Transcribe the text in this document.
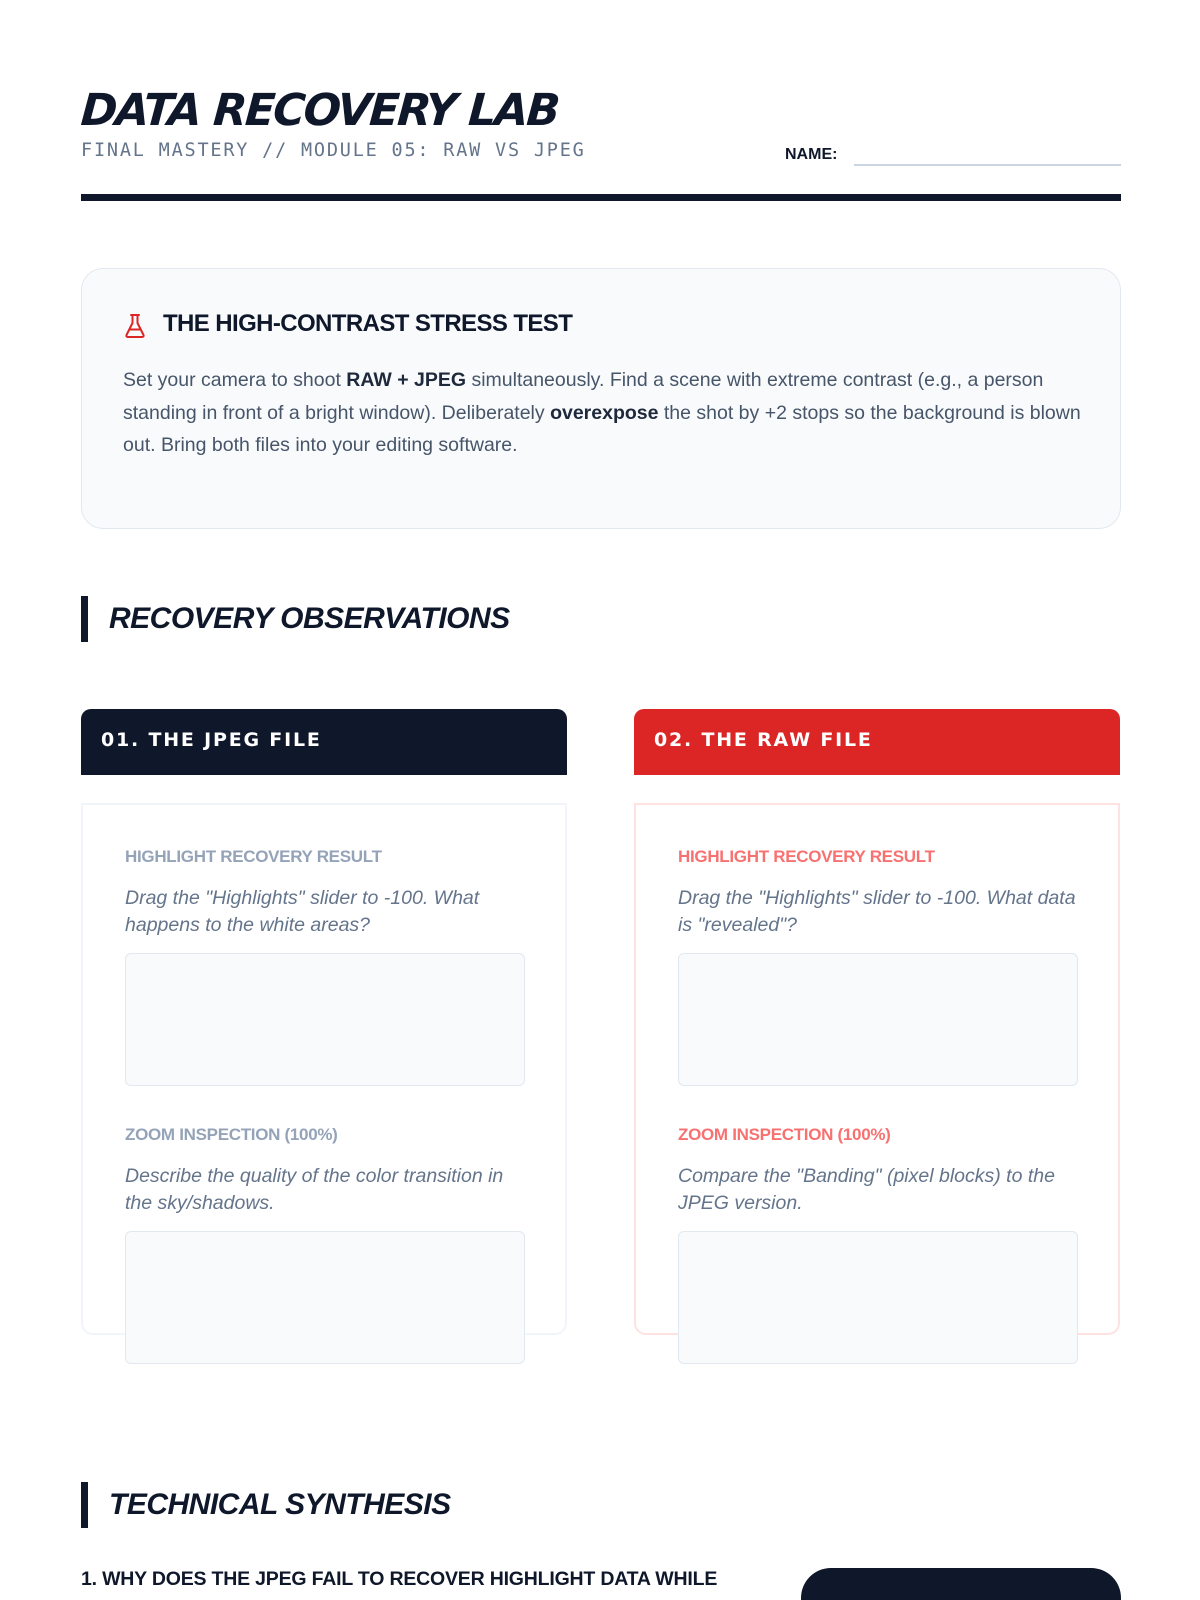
DATA RECOVERY LAB
FINAL MASTERY // MODULE 05: RAW VS JPEG	NAME:
THE HIGH-CONTRAST STRESS TEST

Set your camera to shoot RAW + JPEG simultaneously. Find a scene with extreme contrast (e.g., a person standing in front of a bright window). Deliberately overexpose the shot by +2 stops so the background is blown out. Bring both files into your editing software.

RECOVERY OBSERVATIONS
01. THE JPEG FILE	02. THE RAW FILE
HIGHLIGHT RECOVERY RESULT
Drag the "Highlights" slider to -100. What happens to the white areas?
ZOOM INSPECTION (100%)
Describe the quality of the color transition in the sky/shadows.
HIGHLIGHT RECOVERY RESULT
Drag the "Highlights" slider to -100. What data is "revealed"?
ZOOM INSPECTION (100%)
Compare the "Banding" (pixel blocks) to the JPEG version.
TECHNICAL SYNTHESIS
1. WHY DOES THE JPEG FAIL TO RECOVER HIGHLIGHT DATA WHILE
